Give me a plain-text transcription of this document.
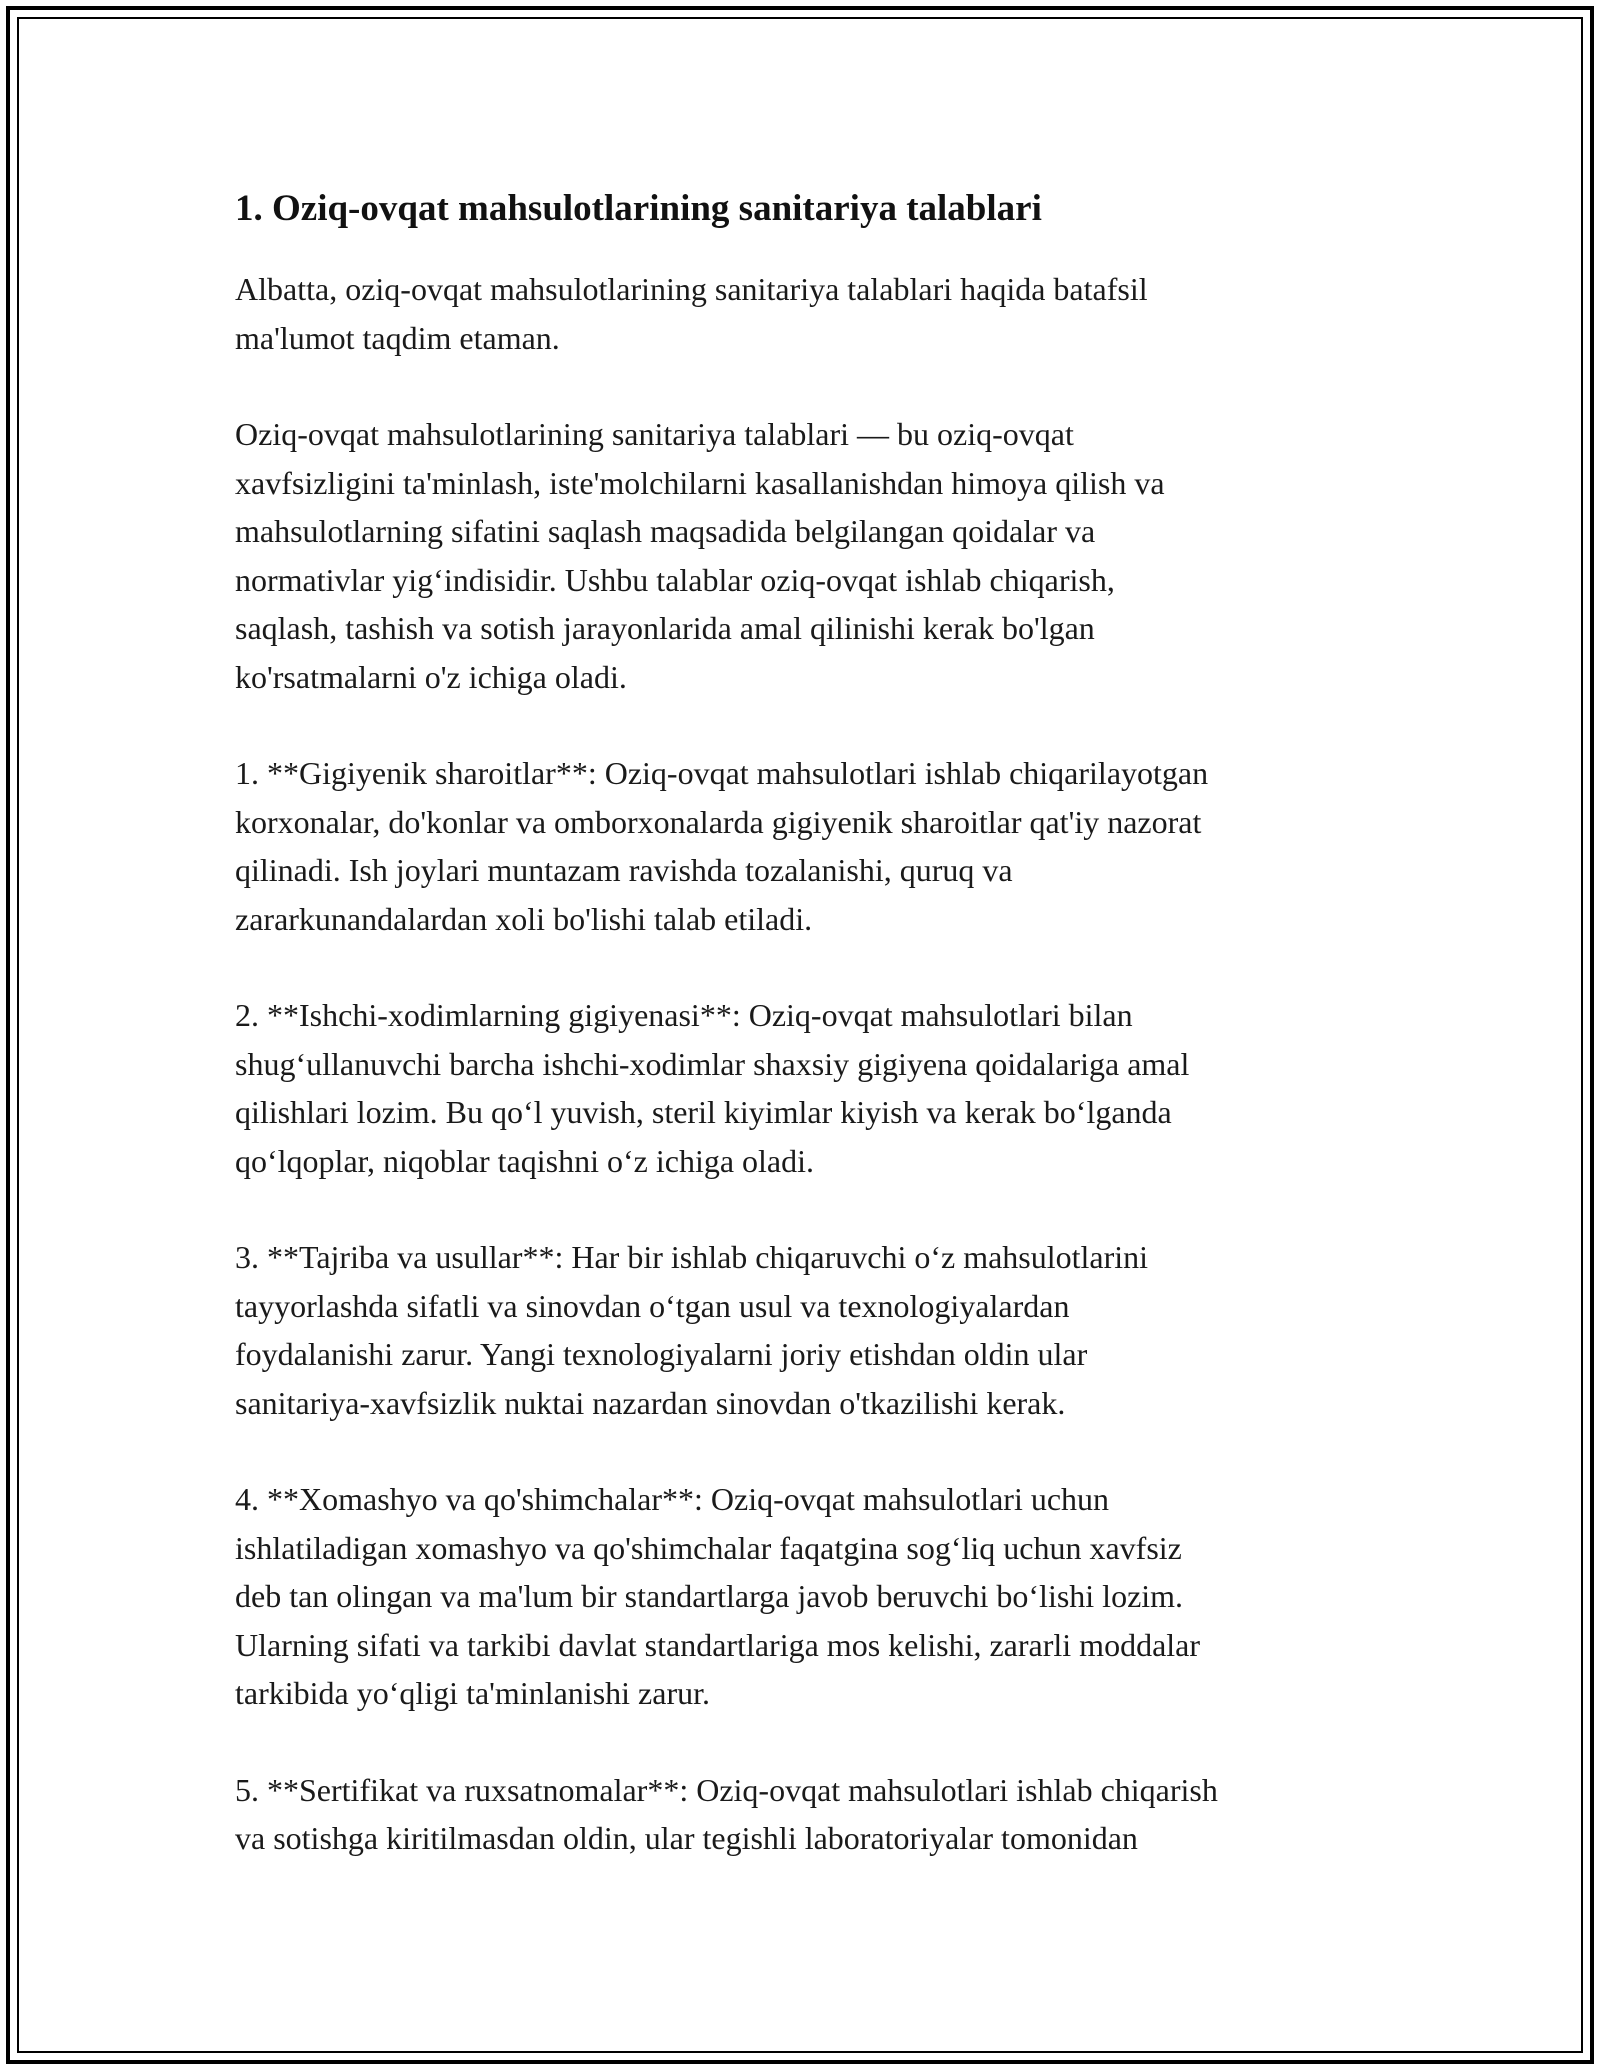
1. Oziq-ovqat mahsulotlarining sanitariya talablari

Albatta, oziq-ovqat mahsulotlarining sanitariya talablari haqida batafsil
ma'lumot taqdim etaman.

Oziq-ovqat mahsulotlarining sanitariya talablari — bu oziq-ovqat
xavfsizligini ta'minlash, iste'molchilarni kasallanishdan himoya qilish va
mahsulotlarning sifatini saqlash maqsadida belgilangan qoidalar va
normativlar yig‘indisidir. Ushbu talablar oziq-ovqat ishlab chiqarish,
saqlash, tashish va sotish jarayonlarida amal qilinishi kerak bo'lgan
ko'rsatmalarni o'z ichiga oladi.

1. **Gigiyenik sharoitlar**: Oziq-ovqat mahsulotlari ishlab chiqarilayotgan
korxonalar, do'konlar va omborxonalarda gigiyenik sharoitlar qat'iy nazorat
qilinadi. Ish joylari muntazam ravishda tozalanishi, quruq va
zararkunandalardan xoli bo'lishi talab etiladi.

2. **Ishchi-xodimlarning gigiyenasi**: Oziq-ovqat mahsulotlari bilan
shug‘ullanuvchi barcha ishchi-xodimlar shaxsiy gigiyena qoidalariga amal
qilishlari lozim. Bu qo‘l yuvish, steril kiyimlar kiyish va kerak bo‘lganda
qo‘lqoplar, niqoblar taqishni o‘z ichiga oladi.

3. **Tajriba va usullar**: Har bir ishlab chiqaruvchi o‘z mahsulotlarini
tayyorlashda sifatli va sinovdan o‘tgan usul va texnologiyalardan
foydalanishi zarur. Yangi texnologiyalarni joriy etishdan oldin ular
sanitariya-xavfsizlik nuktai nazardan sinovdan o'tkazilishi kerak.

4. **Xomashyo va qo'shimchalar**: Oziq-ovqat mahsulotlari uchun
ishlatiladigan xomashyo va qo'shimchalar faqatgina sog‘liq uchun xavfsiz
deb tan olingan va ma'lum bir standartlarga javob beruvchi bo‘lishi lozim.
Ularning sifati va tarkibi davlat standartlariga mos kelishi, zararli moddalar
tarkibida yo‘qligi ta'minlanishi zarur.

5. **Sertifikat va ruxsatnomalar**: Oziq-ovqat mahsulotlari ishlab chiqarish
va sotishga kiritilmasdan oldin, ular tegishli laboratoriyalar tomonidan
